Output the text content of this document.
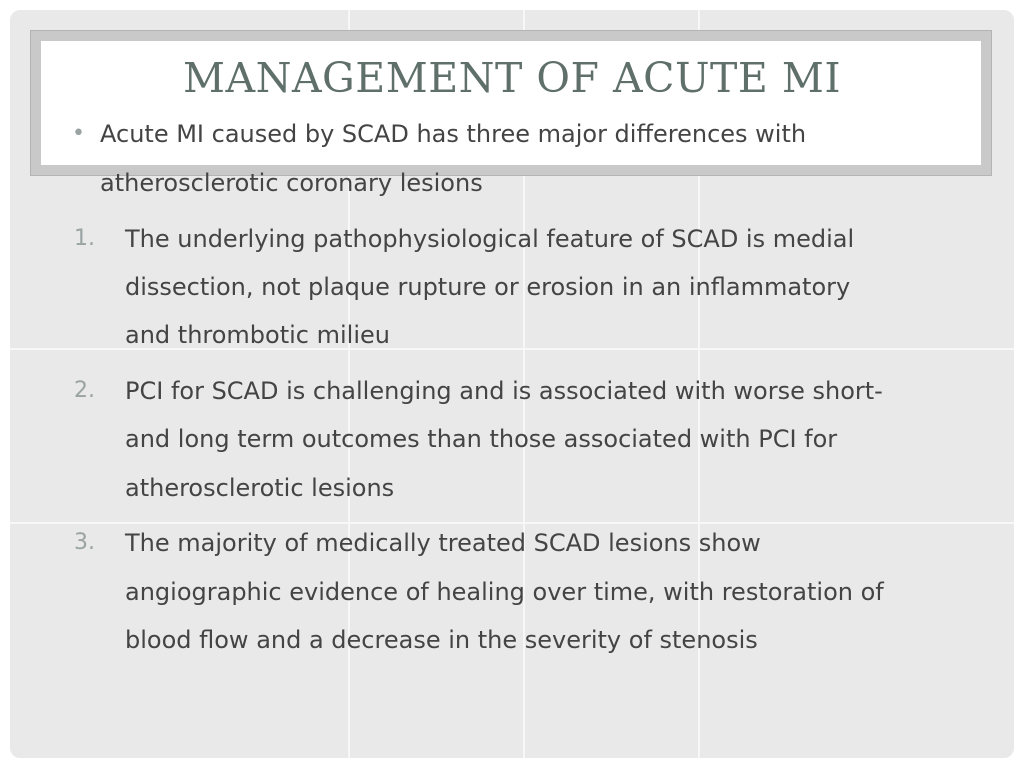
MANAGEMENT OF ACUTE MI
• Acute MI caused by SCAD has three major differences with
atherosclerotic coronary lesions
1. The underlying pathophysiological feature of SCAD is medial
dissection, not plaque rupture or erosion in an inflammatory
and thrombotic milieu
2. PCI for SCAD is challenging and is associated with worse short-
and long term outcomes than those associated with PCI for
atherosclerotic lesions
3. The majority of medically treated SCAD lesions show
angiographic evidence of healing over time, with restoration of
blood flow and a decrease in the severity of stenosis
